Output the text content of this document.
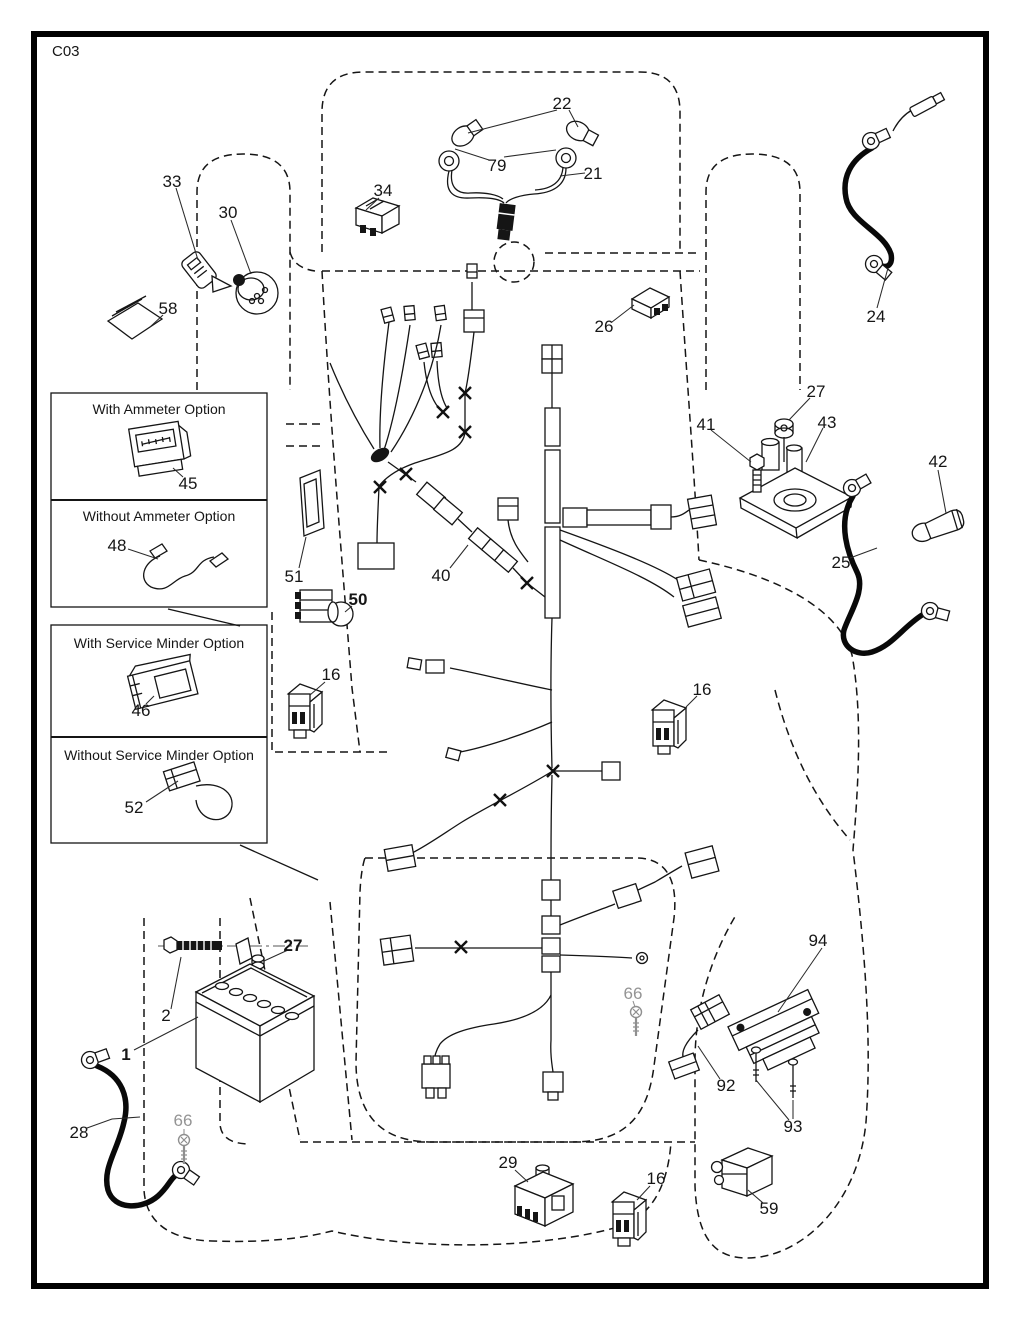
C03
With Ammeter Option
Without Ammeter Option
With Service Minder Option
Without Service Minder Option
22
79	21
33
30
34
58	24
26
27
41	43
42
25
45
48
51	40
50
16
46
16
52
27
2
1
66
94
92
28
66	93
29
16
59
